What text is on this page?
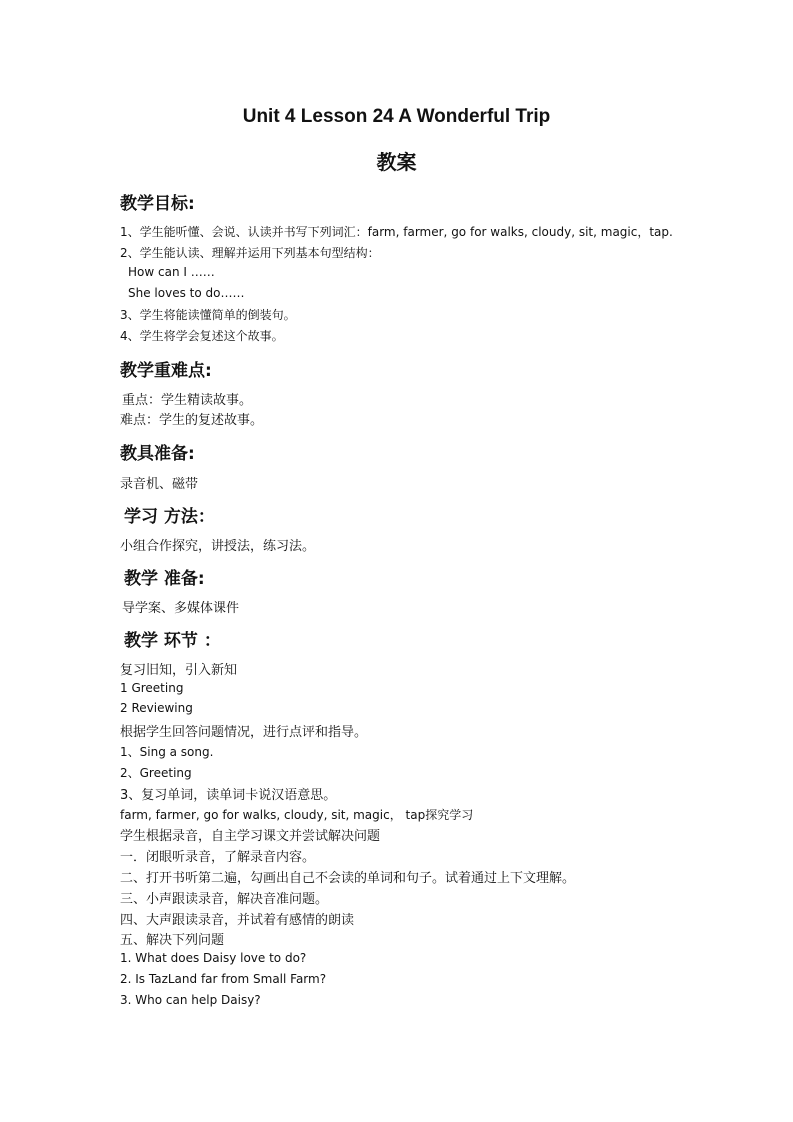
Unit 4 Lesson 24 A Wonderful Trip
教案
教学目标:
1、学生能听懂、会说、认读并书写下列词汇：farm, farmer, go for walks, cloudy, sit, magic，tap.
2、学生能认读、理解并运用下列基本句型结构：
How can I ……
She loves to do……
3、学生将能读懂简单的倒装句。
4、学生将学会复述这个故事。
教学重难点:
重点：学生精读故事。
难点：学生的复述故事。
教具准备:
录音机、磁带
学习 方法：
小组合作探究，讲授法，练习法。
教学 准备:
导学案、多媒体课件
教学 环节 ：
复习旧知，引入新知
1 Greeting
2 Reviewing
根据学生回答问题情况，进行点评和指导。
1、Sing a song.
2、Greeting
3、复习单词，读单词卡说汉语意思。
farm, farmer, go for walks, cloudy, sit, magic， tap探究学习
学生根据录音，自主学习课文并尝试解决问题
一．闭眼听录音，了解录音内容。
二、打开书听第二遍，勾画出自己不会读的单词和句子。试着通过上下文理解。
三、小声跟读录音，解决音准问题。
四、大声跟读录音，并试着有感情的朗读
五、解决下列问题
1. What does Daisy love to do?
2. Is TazLand far from Small Farm?
3. Who can help Daisy?
